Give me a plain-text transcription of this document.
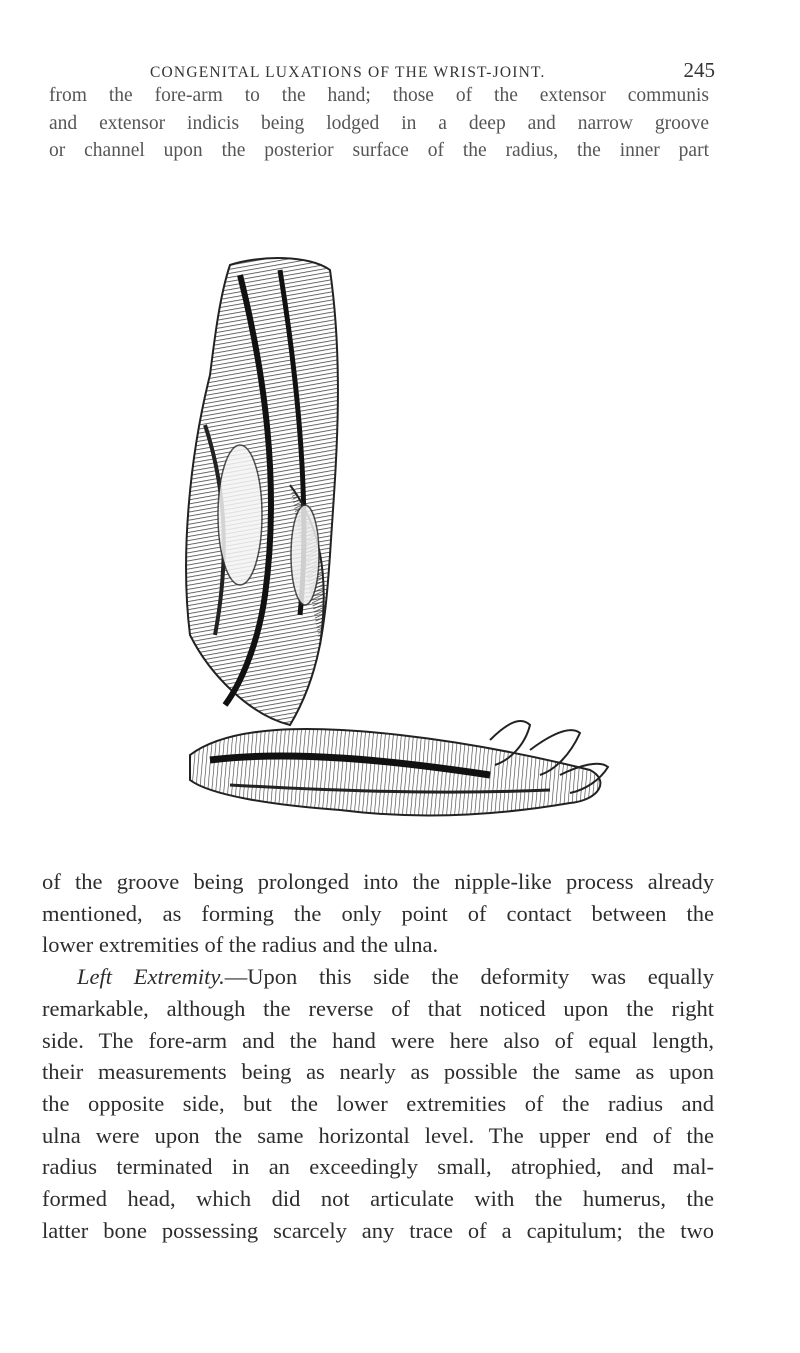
CONGENITAL LUXATIONS OF THE WRIST-JOINT.	245
from the fore-arm to the hand; those of the extensor communis
and extensor indicis being lodged in a deep and narrow groove
or channel upon the posterior surface of the radius, the inner part
of the groove being prolonged into the nipple-like process already
mentioned, as forming the only point of contact between the
lower extremities of the radius and the ulna.
Left Extremity.—Upon this side the deformity was equally
remarkable, although the reverse of that noticed upon the right
side. The fore-arm and the hand were here also of equal length,
their measurements being as nearly as possible the same as upon
the opposite side, but the lower extremities of the radius and
ulna were upon the same horizontal level. The upper end of the
radius terminated in an exceedingly small, atrophied, and mal-
formed head, which did not articulate with the humerus, the
latter bone possessing scarcely any trace of a capitulum; the two
